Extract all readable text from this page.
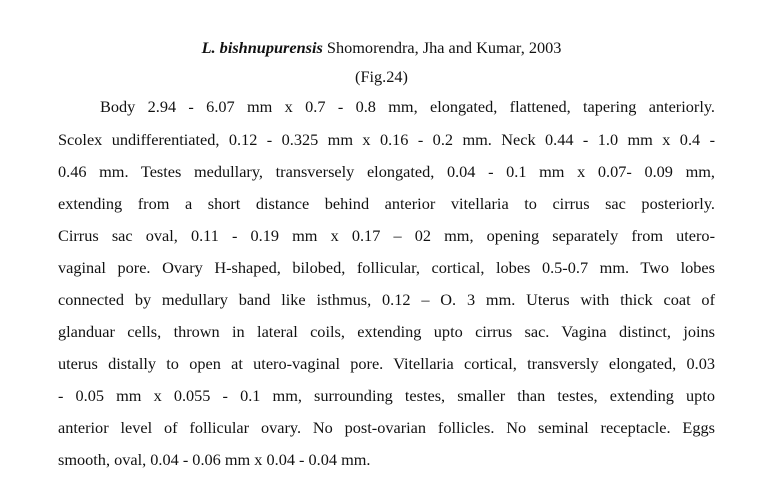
L. bishnupurensis Shomorendra, Jha and Kumar, 2003
(Fig.24)
Body 2.94 - 6.07 mm x 0.7 - 0.8 mm, elongated, flattened, tapering anteriorly.
Scolex undifferentiated, 0.12 - 0.325 mm x 0.16 - 0.2 mm. Neck 0.44 - 1.0 mm x 0.4 -
0.46 mm. Testes medullary, transversely elongated, 0.04 - 0.1 mm x 0.07- 0.09 mm,
extending from a short distance behind anterior vitellaria to cirrus sac posteriorly.
Cirrus sac oval, 0.11 - 0.19 mm x 0.17 – 02 mm, opening separately from utero-
vaginal pore. Ovary H-shaped, bilobed, follicular, cortical, lobes 0.5-0.7 mm. Two lobes
connected by medullary band like isthmus, 0.12 – O. 3 mm. Uterus with thick coat of
glanduar cells, thrown in lateral coils, extending upto cirrus sac. Vagina distinct, joins
uterus distally to open at utero-vaginal pore. Vitellaria cortical, transversly elongated, 0.03
- 0.05 mm x 0.055 - 0.1 mm, surrounding testes, smaller than testes, extending upto
anterior level of follicular ovary. No post-ovarian follicles. No seminal receptacle. Eggs
smooth, oval, 0.04 - 0.06 mm x 0.04 - 0.04 mm.
